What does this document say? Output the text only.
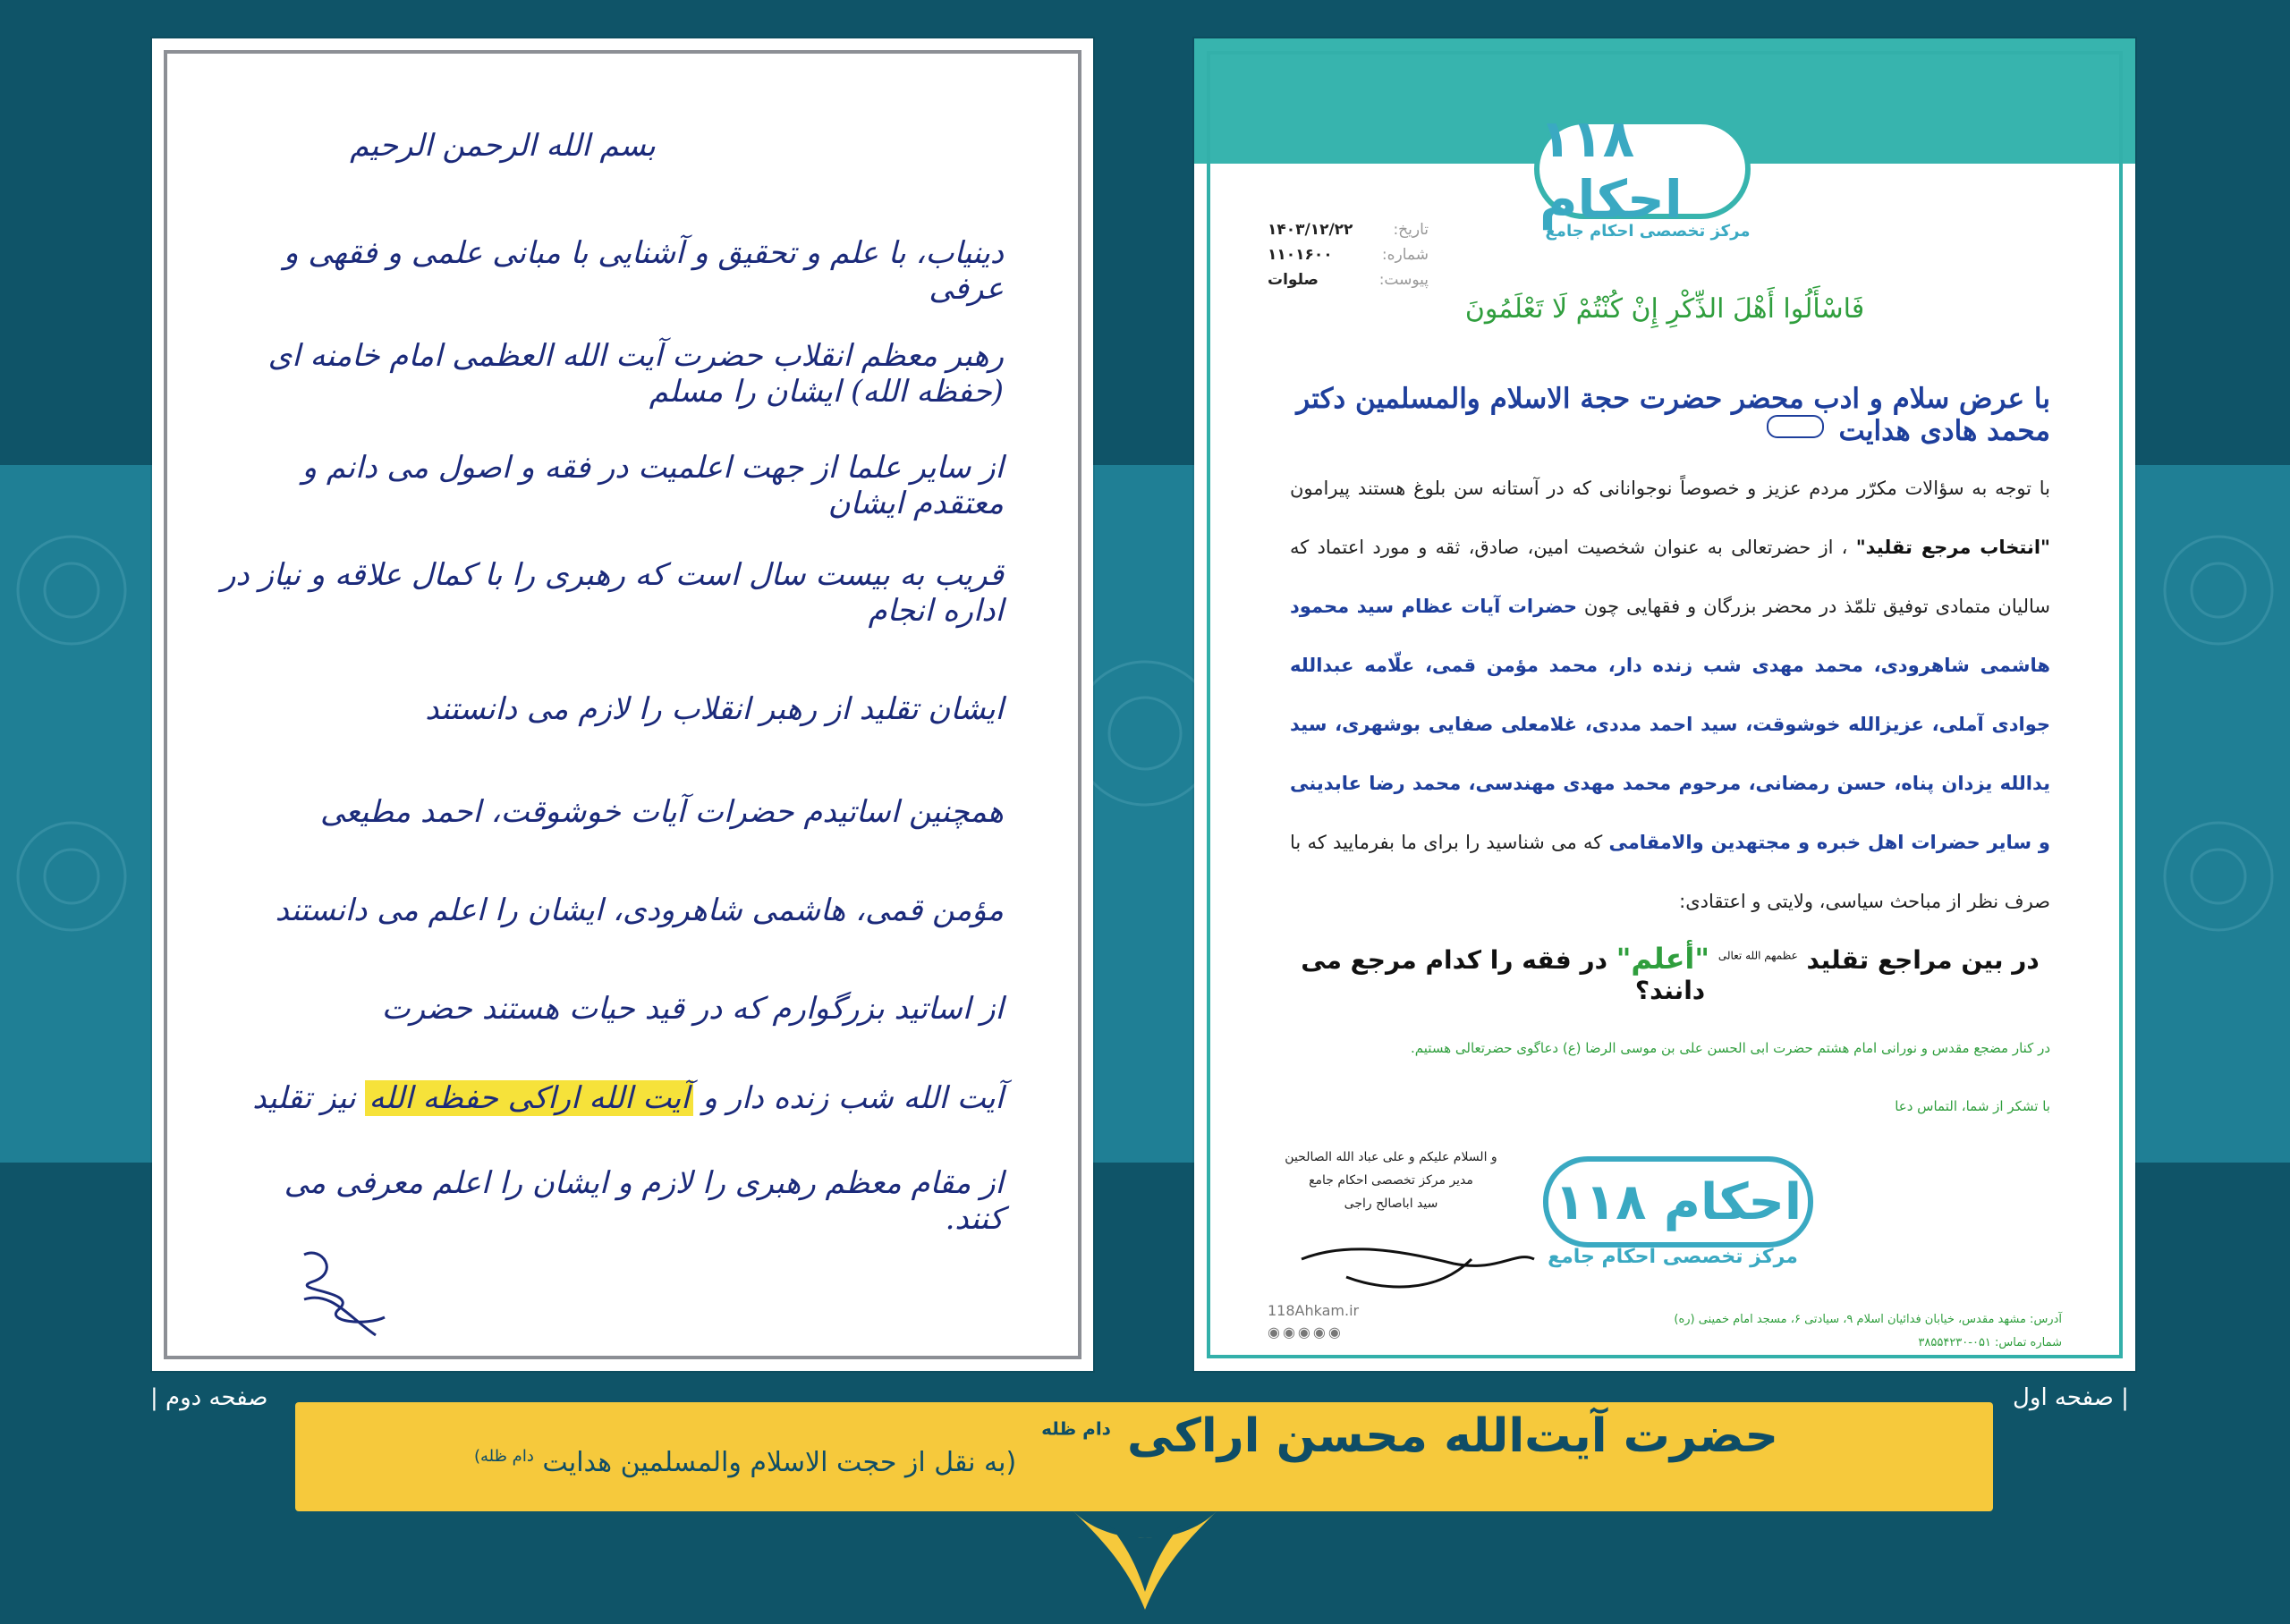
بسم الله الرحمن الرحیم
دینیاب، با علم و تحقیق و آشنایی با مبانی علمی و فقهی و عرفی
رهبر معظم انقلاب حضرت آیت الله العظمی امام خامنه ای (حفظه الله) ایشان را مسلم
از سایر علما از جهت اعلمیت در فقه و اصول می دانم و معتقدم ایشان
قریب به بیست سال است که رهبری را با کمال علاقه و نیاز در اداره انجام
ایشان تقلید از رهبر انقلاب را لازم می دانستند
همچنین اساتیدم حضرات آیات خوشوقت، احمد مطیعی
مؤمن قمی، هاشمی شاهرودی، ایشان را اعلم می دانستند
از اساتید بزرگوارم که در قید حیات هستند حضرت
آیت الله شب زنده دار و آیت الله اراکی حفظه الله نیز تقلید
از مقام معظم رهبری را لازم و ایشان را اعلم معرفی می کنند.
۱۱۸ احکام
مرکز تخصصی احکام جامع
تاریخ:
۱۴۰۳/۱۲/۲۲
شماره:
۱۱۰۱۶۰۰
پیوست:
صلوات
فَاسْأَلُوا أَهْلَ الذِّكْرِ إِنْ كُنْتُمْ لَا تَعْلَمُونَ
با عرض سلام و ادب محضر حضرت حجة الاسلام والمسلمین دکتر محمد هادی هدایت
با توجه به سؤالات مکرّر مردم عزیز و خصوصاً نوجوانانی که در آستانه سن بلوغ هستند پیرامون "انتخاب مرجع تقلید" ، از حضرتعالی به عنوان شخصیت امین، صادق، ثقه و مورد اعتماد که سالیان متمادی توفیق تلمّذ در محضر بزرگان و فقهایی چون حضرات آیات عظام سید محمود هاشمی شاهرودی، محمد مهدی شب زنده دار، محمد مؤمن قمی، علّامه عبدالله جوادی آملی، عزیزالله خوشوقت، سید احمد مددی، غلامعلی صفایی بوشهری، سید یدالله یزدان پناه، حسن رمضانی، مرحوم محمد مهدی مهندسی، محمد رضا عابدینی و سایر حضرات اهل خبره و مجتهدین والامقامی که می شناسید را برای ما بفرمایید که با صرف نظر از مباحث سیاسی، ولایتی و اعتقادی:
در بین مراجع تقلید $^{عظمهم الله تعالی}$ "أعلم" در فقه را کدام مرجع می دانند؟
در کنار مضجع مقدس و نورانی امام هشتم حضرت ابی الحسن علی بن موسی الرضا (ع) دعاگوی حضرتعالی هستیم.
با تشکر از شما، التماس دعا
و السلام علیکم و علی عباد الله الصالحین
مدیر مرکز تخصصی احکام جامع
سید اباصالح راجی	۱۱۸ احکام
مرکز تخصصی احکام جامع
118Ahkam.ir
◉◉◉◉◉
آدرس: مشهد مقدس، خیابان فدائیان اسلام ۹، سیادتی ۶، مسجد امام خمینی (ره)
شماره تماس: ۰۵۱-۳۸۵۵۴۲۳۰
صفحه دوم |	| صفحه اول
حضرت آیت‌الله محسن اراکی $^{دام ظله}$
(به نقل از حجت الاسلام والمسلمین هدایت $^{دام ظله)}$
